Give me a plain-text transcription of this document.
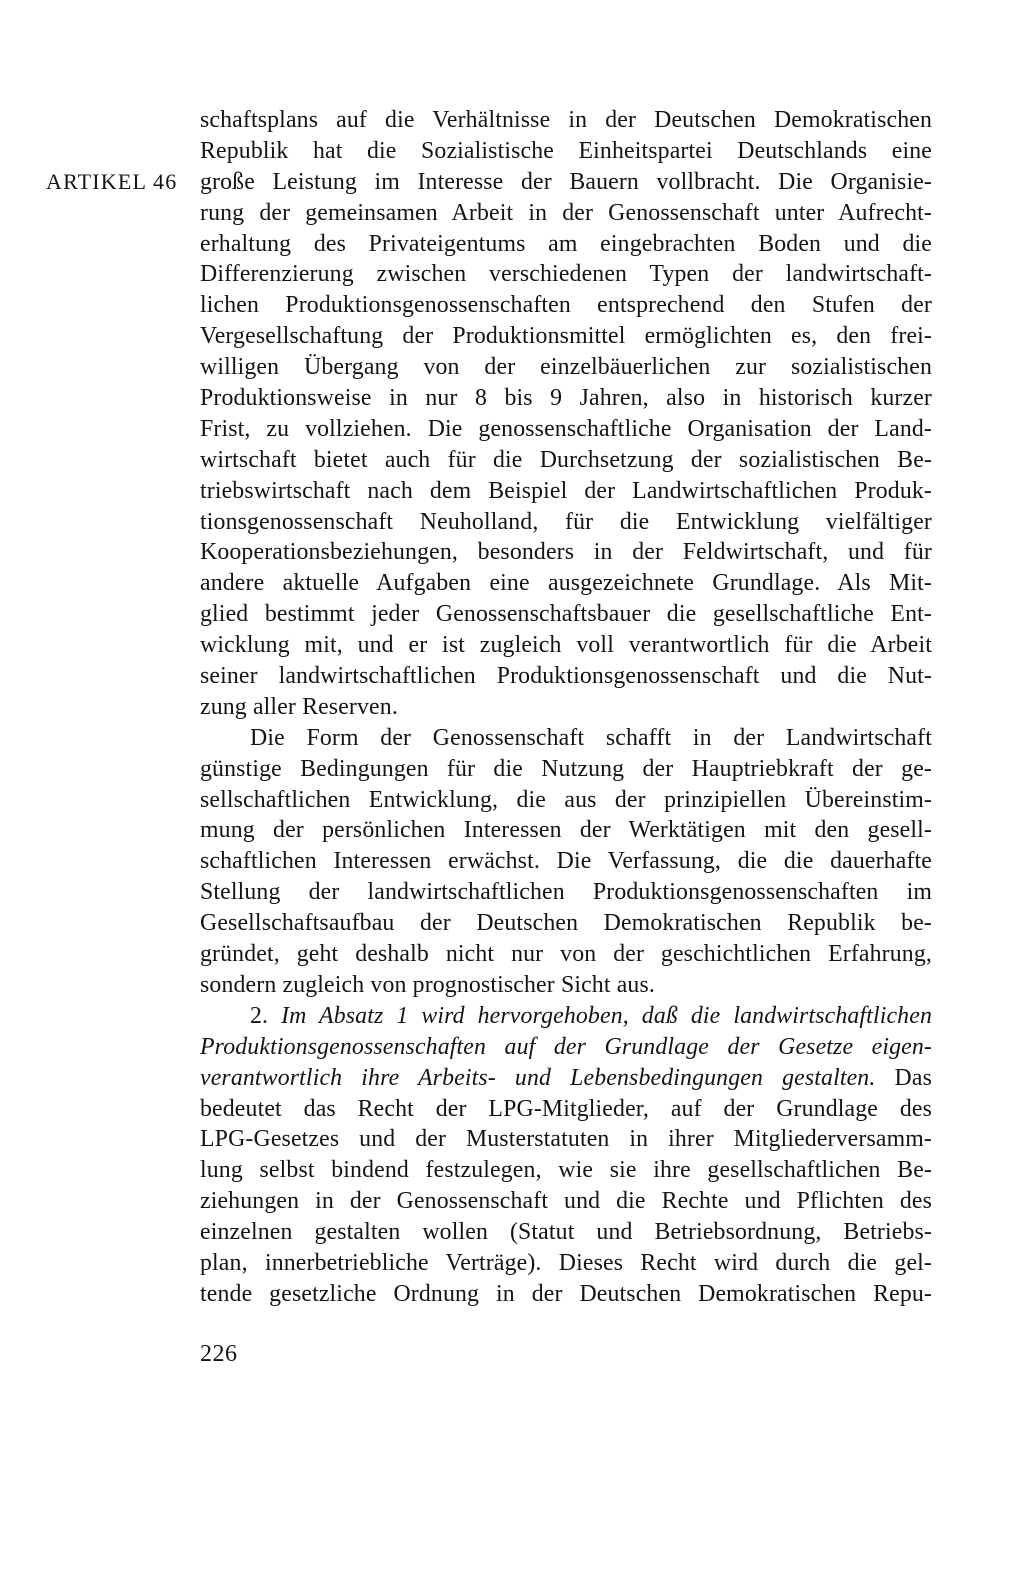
ARTIKEL 46
schaftsplans auf die Verhältnisse in der Deutschen Demokratischen
Republik hat die Sozialistische Einheitspartei Deutschlands eine
große Leistung im Interesse der Bauern vollbracht. Die Organisie-
rung der gemeinsamen Arbeit in der Genossenschaft unter Aufrecht-
erhaltung des Privateigentums am eingebrachten Boden und die
Differenzierung zwischen verschiedenen Typen der landwirtschaft-
lichen Produktionsgenossenschaften entsprechend den Stufen der
Vergesellschaftung der Produktionsmittel ermöglichten es, den frei-
willigen Übergang von der einzelbäuerlichen zur sozialistischen
Produktionsweise in nur 8 bis 9 Jahren, also in historisch kurzer
Frist, zu vollziehen. Die genossenschaftliche Organisation der Land-
wirtschaft bietet auch für die Durchsetzung der sozialistischen Be-
triebswirtschaft nach dem Beispiel der Landwirtschaftlichen Produk-
tionsgenossenschaft Neuholland, für die Entwicklung vielfältiger
Kooperationsbeziehungen, besonders in der Feldwirtschaft, und für
andere aktuelle Aufgaben eine ausgezeichnete Grundlage. Als Mit-
glied bestimmt jeder Genossenschaftsbauer die gesellschaftliche Ent-
wicklung mit, und er ist zugleich voll verantwortlich für die Arbeit
seiner landwirtschaftlichen Produktionsgenossenschaft und die Nut-
zung aller Reserven.
Die Form der Genossenschaft schafft in der Landwirtschaft
günstige Bedingungen für die Nutzung der Hauptriebkraft der ge-
sellschaftlichen Entwicklung, die aus der prinzipiellen Übereinstim-
mung der persönlichen Interessen der Werktätigen mit den gesell-
schaftlichen Interessen erwächst. Die Verfassung, die die dauerhafte
Stellung der landwirtschaftlichen Produktionsgenossenschaften im
Gesellschaftsaufbau der Deutschen Demokratischen Republik be-
gründet, geht deshalb nicht nur von der geschichtlichen Erfahrung,
sondern zugleich von prognostischer Sicht aus.
2. Im Absatz 1 wird hervorgehoben, daß die landwirtschaftlichen
Produktionsgenossenschaften auf der Grundlage der Gesetze eigen-
verantwortlich ihre Arbeits- und Lebensbedingungen gestalten. Das
bedeutet das Recht der LPG-Mitglieder, auf der Grundlage des
LPG-Gesetzes und der Musterstatuten in ihrer Mitgliederversamm-
lung selbst bindend festzulegen, wie sie ihre gesellschaftlichen Be-
ziehungen in der Genossenschaft und die Rechte und Pflichten des
einzelnen gestalten wollen (Statut und Betriebsordnung, Betriebs-
plan, innerbetriebliche Verträge). Dieses Recht wird durch die gel-
tende gesetzliche Ordnung in der Deutschen Demokratischen Repu-
226
